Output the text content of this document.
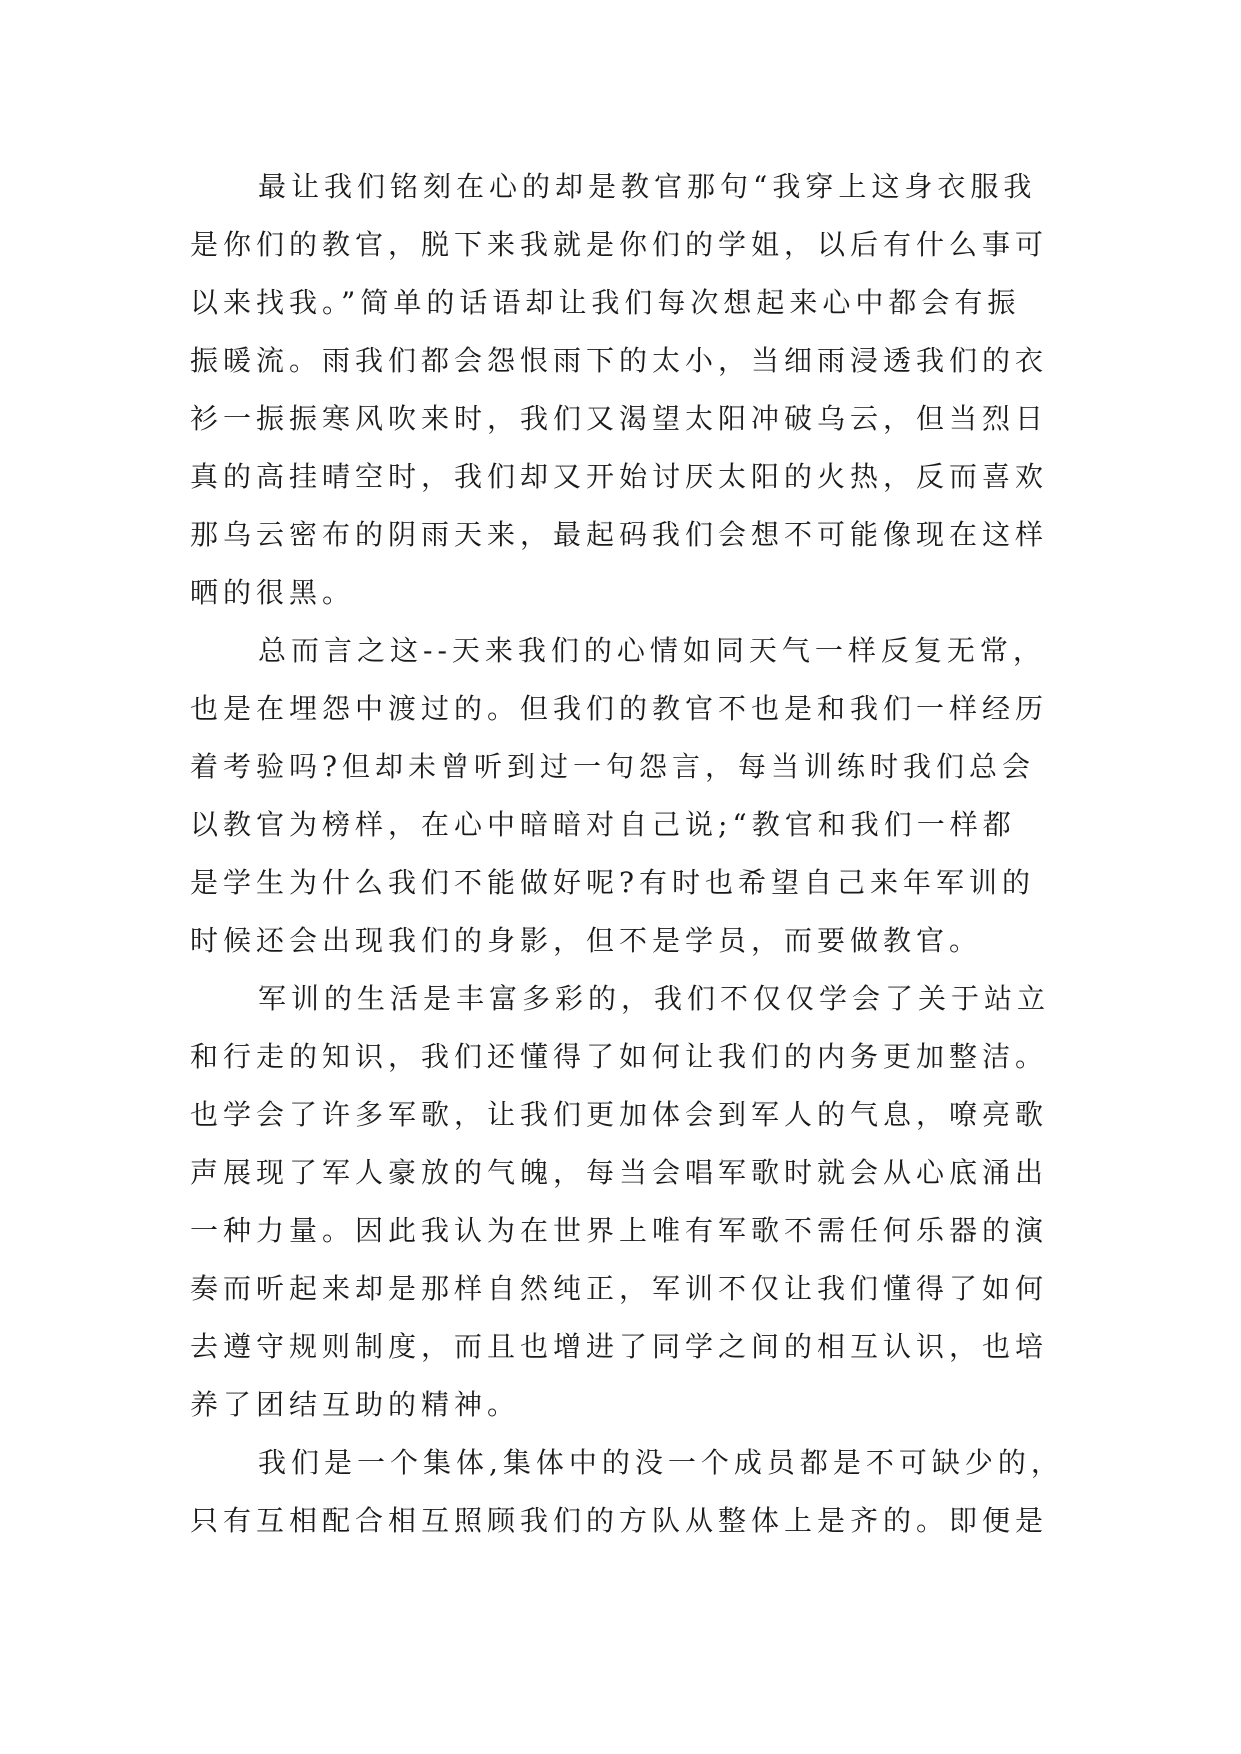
最让我们铭刻在心的却是教官那句“我穿上这身衣服我
是你们的教官，脱下来我就是你们的学姐，以后有什么事可
以来找我。”简单的话语却让我们每次想起来心中都会有振
振暖流。雨我们都会怨恨雨下的太小，当细雨浸透我们的衣
衫一振振寒风吹来时，我们又渴望太阳冲破乌云，但当烈日
真的高挂晴空时，我们却又开始讨厌太阳的火热，反而喜欢
那乌云密布的阴雨天来，最起码我们会想不可能像现在这样
晒的很黑。
总而言之这--天来我们的心情如同天气一样反复无常，
也是在埋怨中渡过的。但我们的教官不也是和我们一样经历
着考验吗?但却未曾听到过一句怨言，每当训练时我们总会
以教官为榜样，在心中暗暗对自己说;“教官和我们一样都
是学生为什么我们不能做好呢?有时也希望自己来年军训的
时候还会出现我们的身影，但不是学员，而要做教官。
军训的生活是丰富多彩的，我们不仅仅学会了关于站立
和行走的知识，我们还懂得了如何让我们的内务更加整洁。
也学会了许多军歌，让我们更加体会到军人的气息，嘹亮歌
声展现了军人豪放的气魄，每当会唱军歌时就会从心底涌出
一种力量。因此我认为在世界上唯有军歌不需任何乐器的演
奏而听起来却是那样自然纯正，军训不仅让我们懂得了如何
去遵守规则制度，而且也增进了同学之间的相互认识，也培
养了团结互助的精神。
我们是一个集体,集体中的没一个成员都是不可缺少的，
只有互相配合相互照顾我们的方队从整体上是齐的。即便是
